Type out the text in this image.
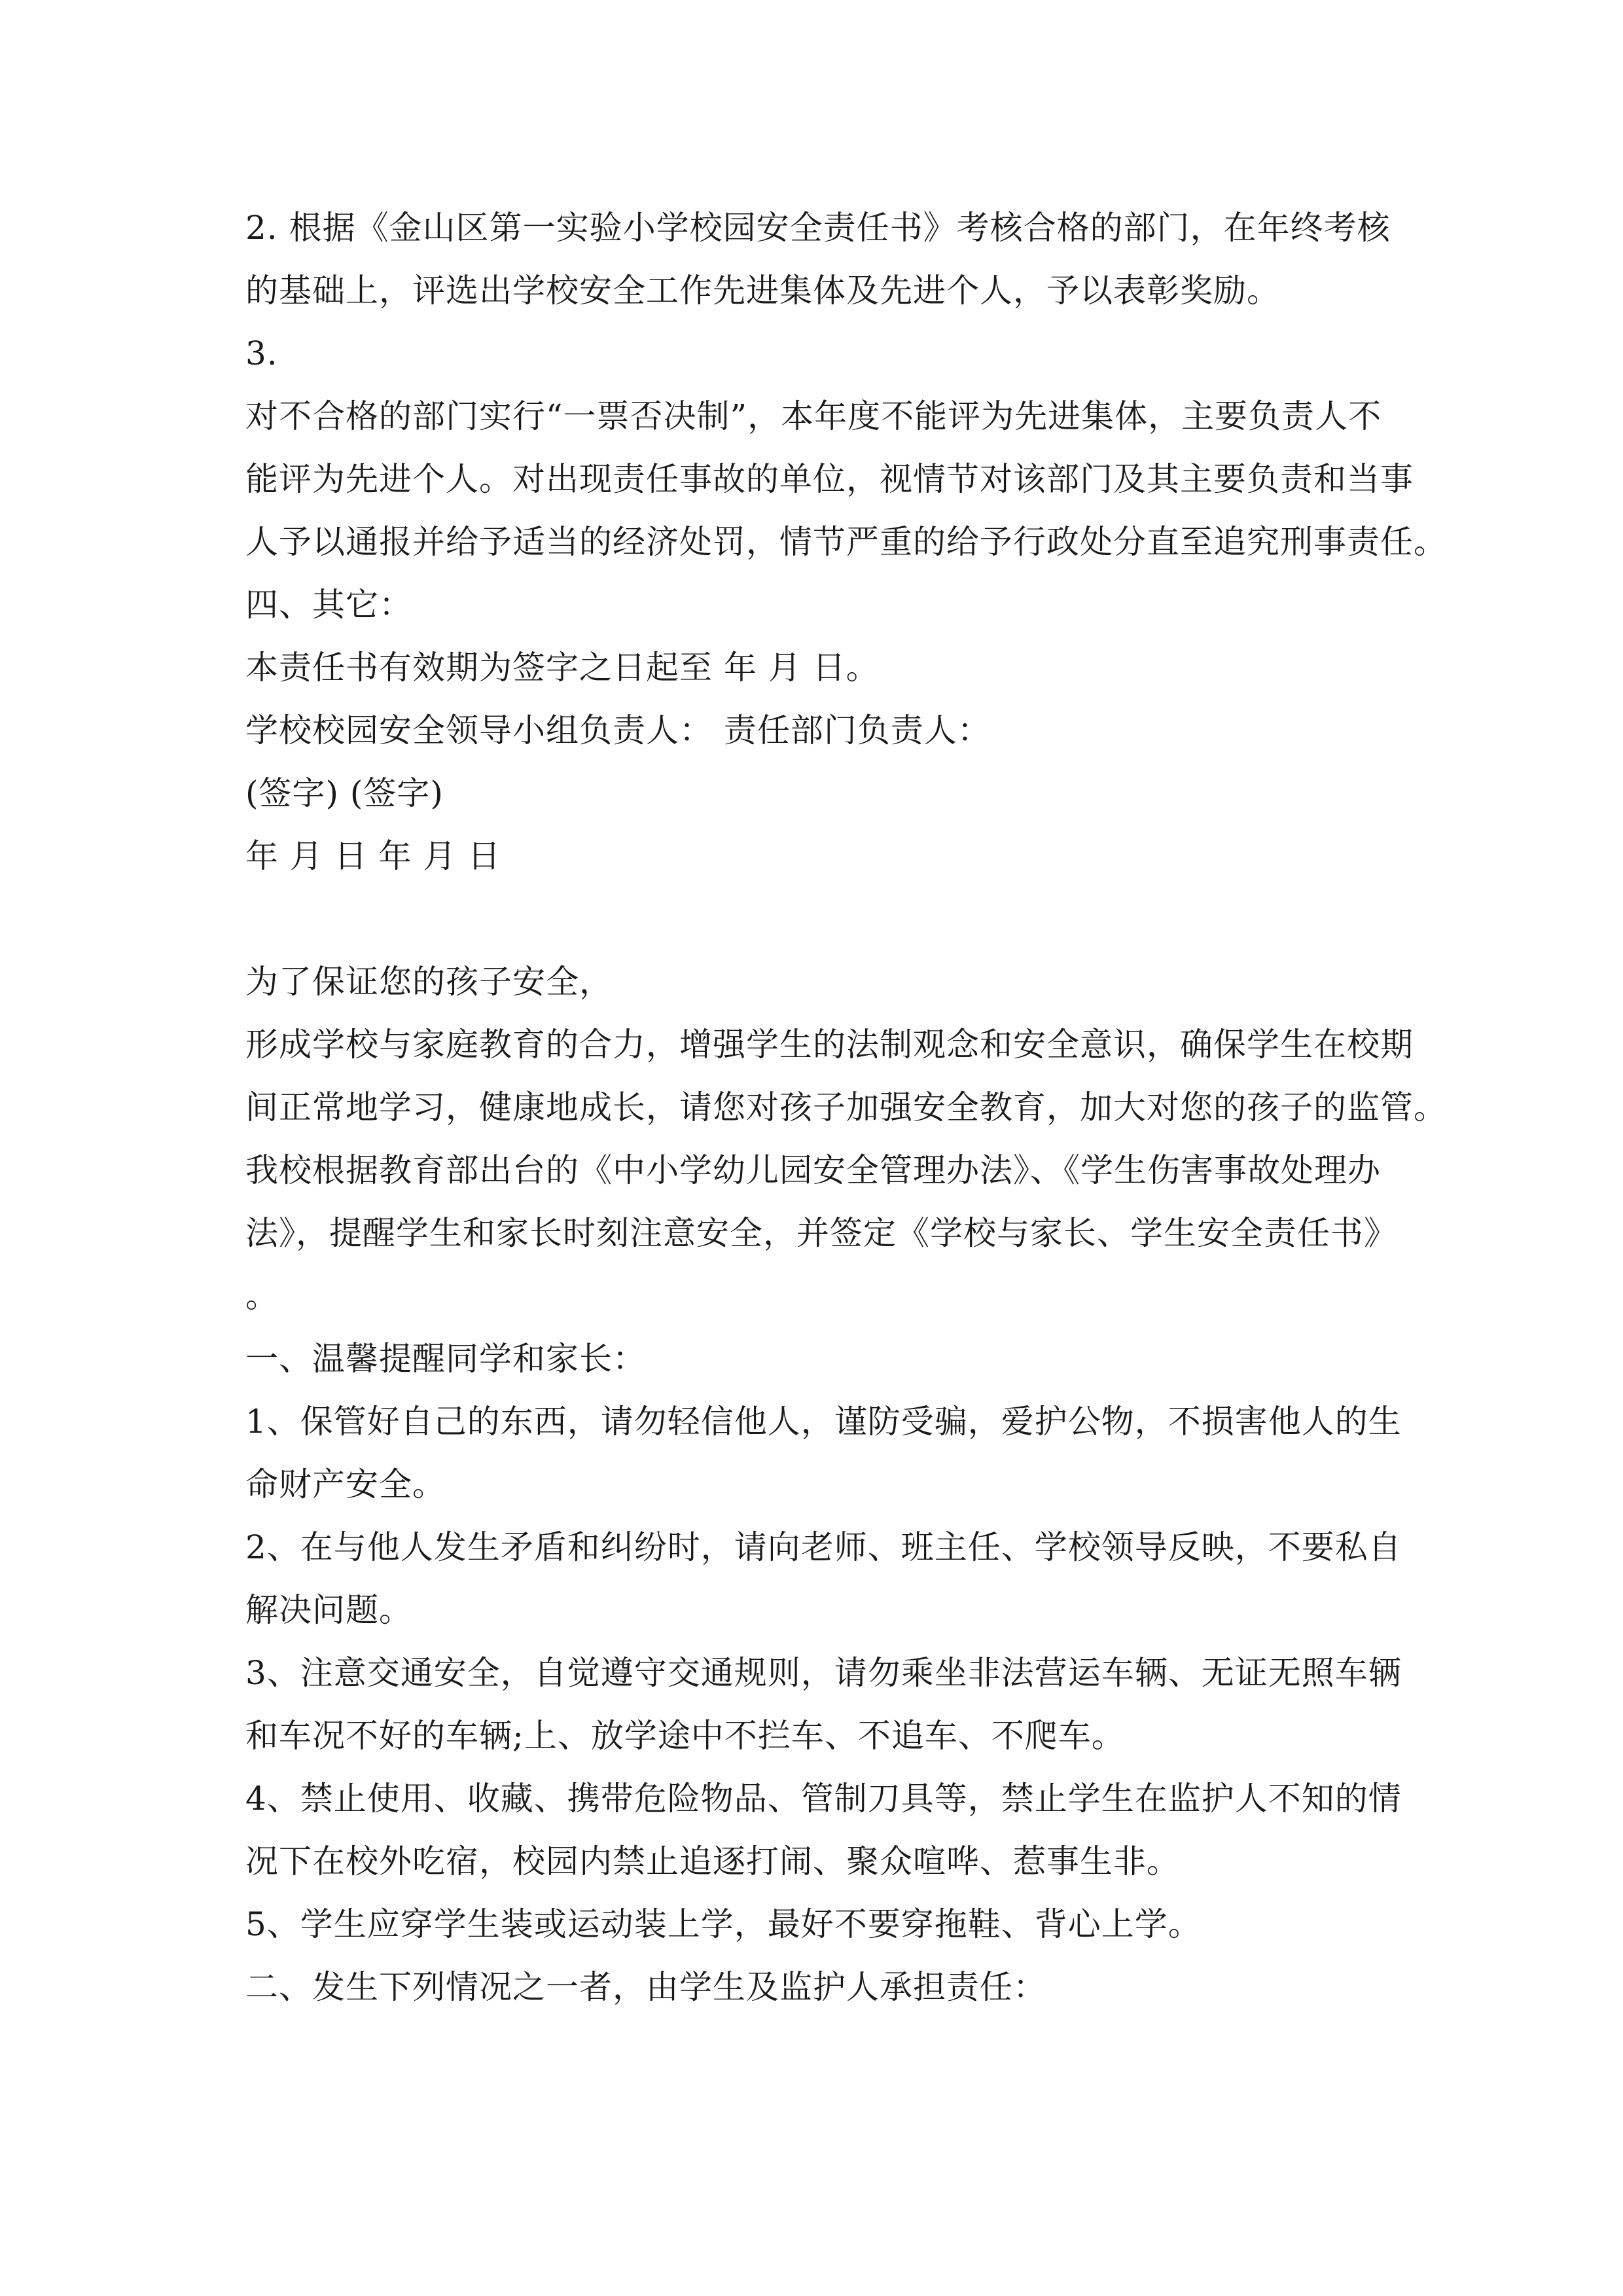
2. 根据《金山区第一实验小学校园安全责任书》考核合格的部门，在年终考核
的基础上，评选出学校安全工作先进集体及先进个人，予以表彰奖励。
3.
对不合格的部门实行“一票否决制”，本年度不能评为先进集体，主要负责人不
能评为先进个人。对出现责任事故的单位，视情节对该部门及其主要负责和当事
人予以通报并给予适当的经济处罚，情节严重的给予行政处分直至追究刑事责任。
四、其它：
本责任书有效期为签字之日起至 年 月 日。
学校校园安全领导小组负责人： 责任部门负责人：
(签字) (签字)
年 月 日 年 月 日
为了保证您的孩子安全，
形成学校与家庭教育的合力，增强学生的法制观念和安全意识，确保学生在校期
间正常地学习，健康地成长，请您对孩子加强安全教育，加大对您的孩子的监管。
我校根据教育部出台的《中小学幼儿园安全管理办法》、《学生伤害事故处理办
法》，提醒学生和家长时刻注意安全，并签定《学校与家长、学生安全责任书》
。
一、温馨提醒同学和家长：
1、保管好自己的东西，请勿轻信他人，谨防受骗，爱护公物，不损害他人的生
命财产安全。
2、在与他人发生矛盾和纠纷时，请向老师、班主任、学校领导反映，不要私自
解决问题。
3、注意交通安全，自觉遵守交通规则，请勿乘坐非法营运车辆、无证无照车辆
和车况不好的车辆;上、放学途中不拦车、不追车、不爬车。
4、禁止使用、收藏、携带危险物品、管制刀具等，禁止学生在监护人不知的情
况下在校外吃宿，校园内禁止追逐打闹、聚众喧哗、惹事生非。
5、学生应穿学生装或运动装上学，最好不要穿拖鞋、背心上学。
二、发生下列情况之一者，由学生及监护人承担责任：
